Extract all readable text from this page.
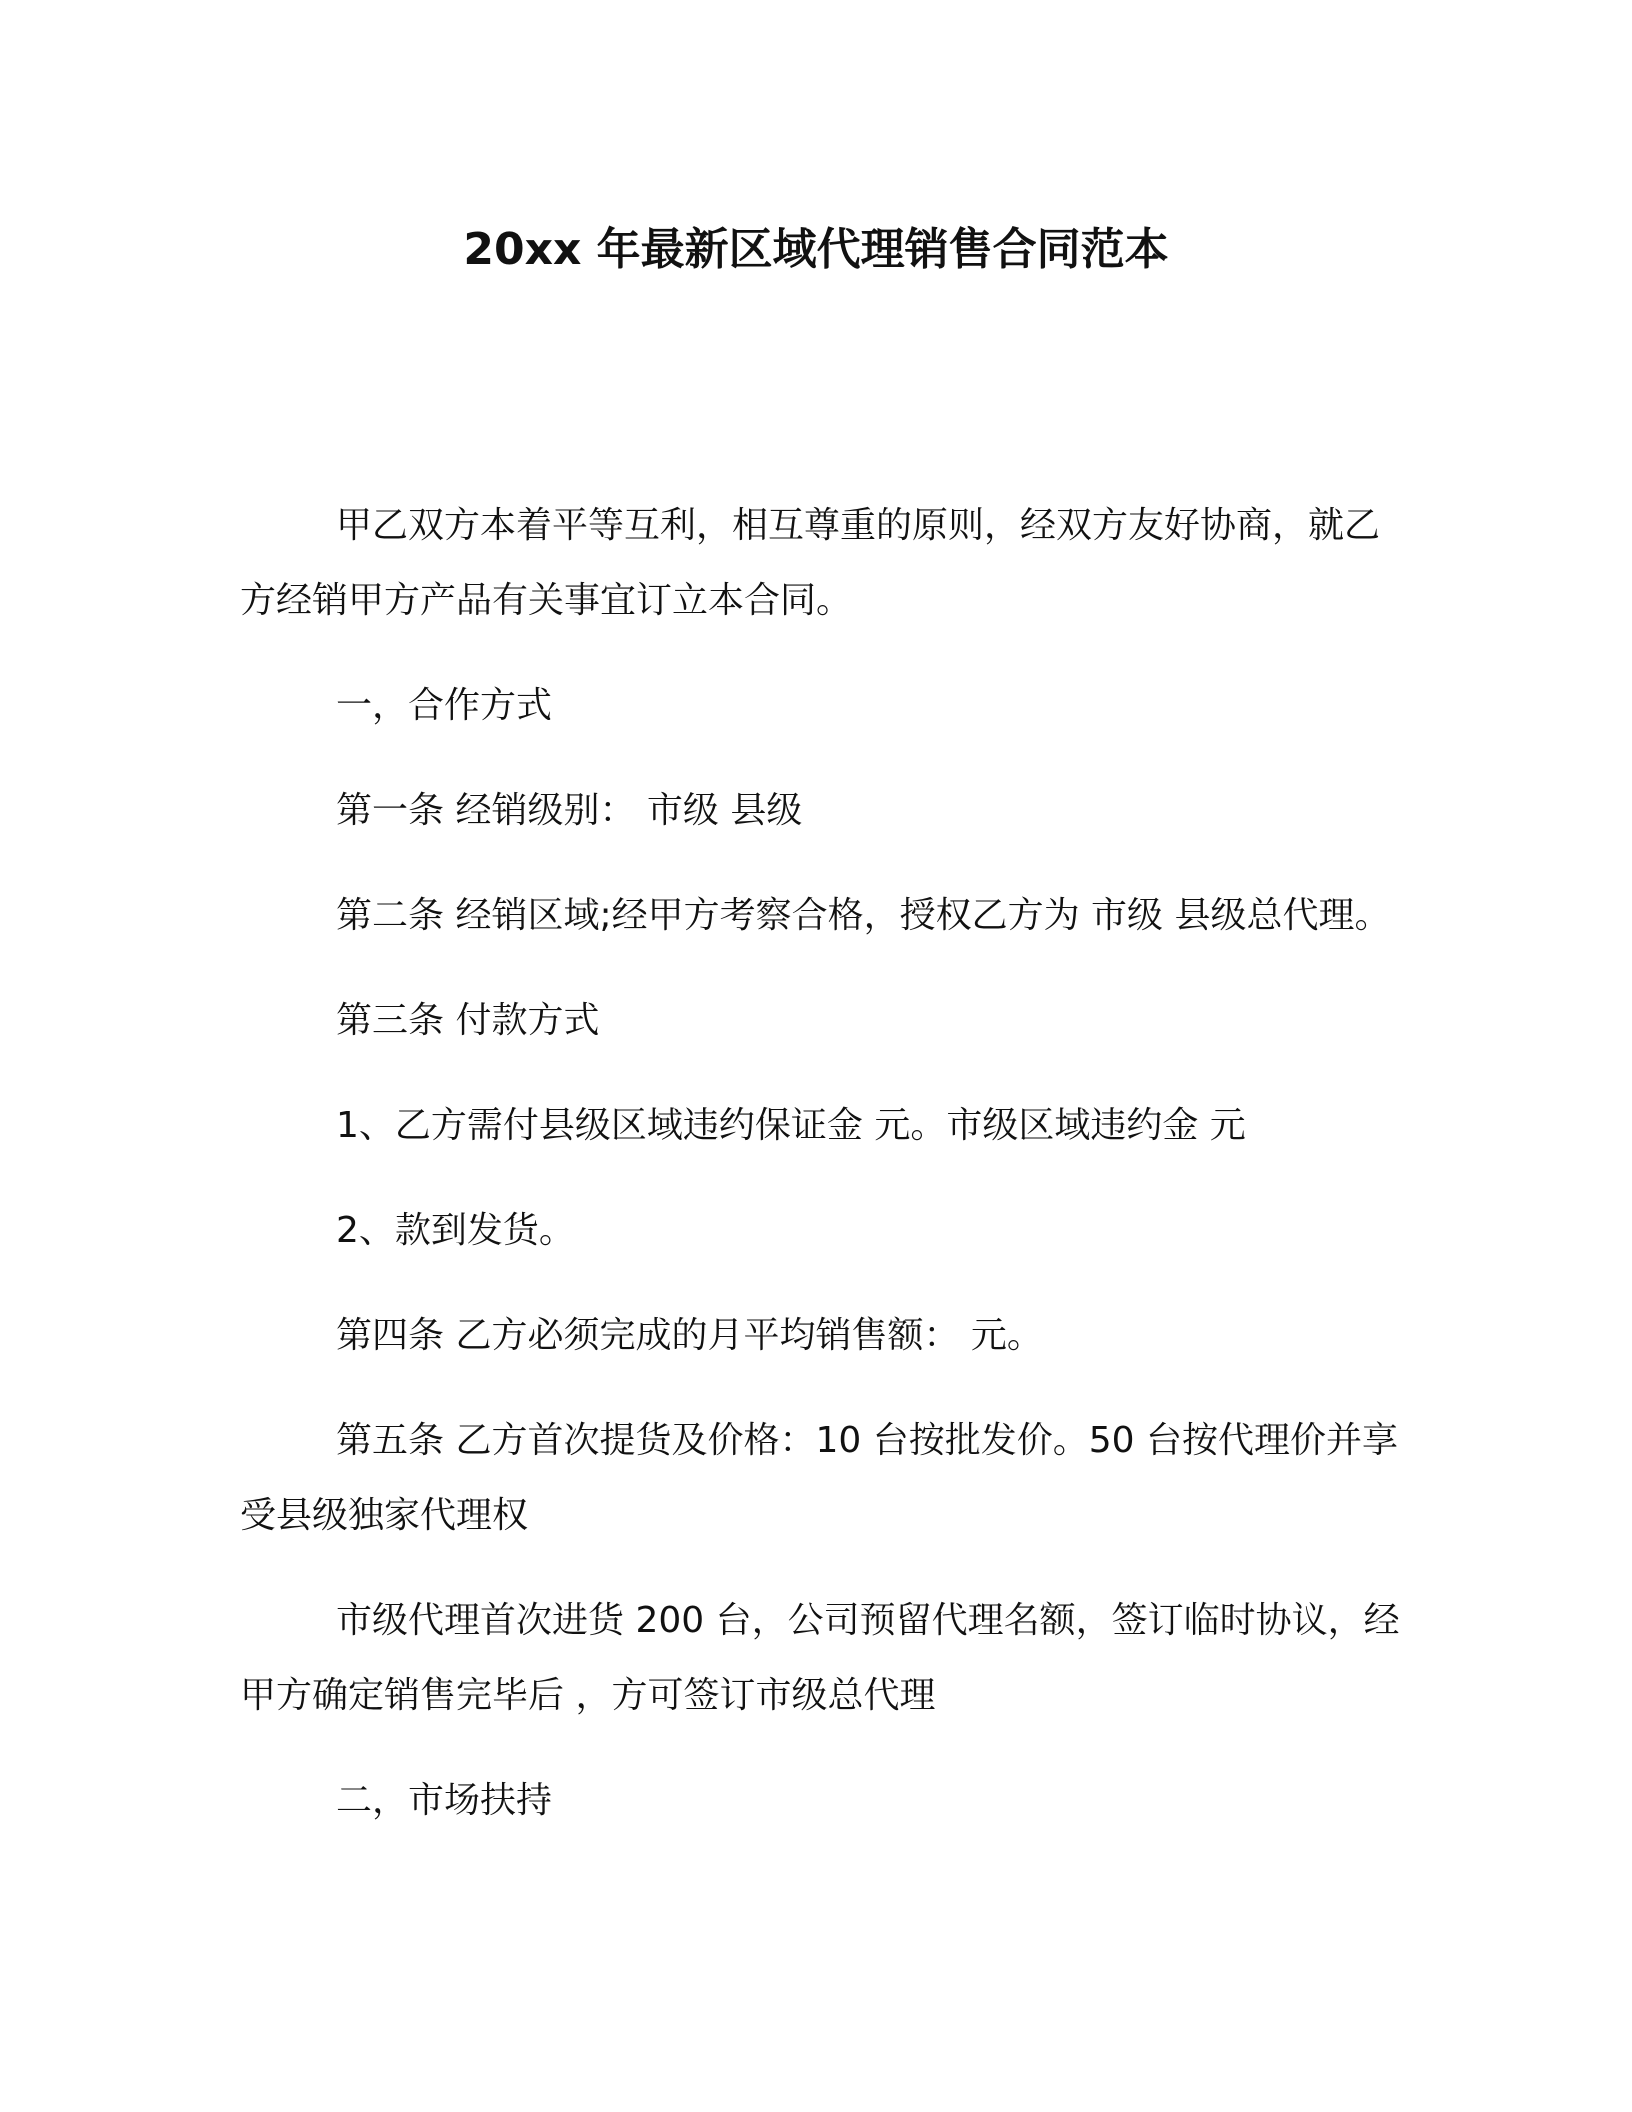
20xx 年最新区域代理销售合同范本

甲乙双方本着平等互利，相互尊重的原则，经双方友好协商，就乙方经销甲方产品有关事宜订立本合同。

一，合作方式

第一条 经销级别： 市级 县级

第二条 经销区域;经甲方考察合格，授权乙方为 市级 县级总代理。

第三条 付款方式

1、乙方需付县级区域违约保证金 元。市级区域违约金 元

2、款到发货。

第四条 乙方必须完成的月平均销售额： 元。

第五条 乙方首次提货及价格：10 台按批发价。50 台按代理价并享受县级独家代理权

市级代理首次进货 200 台，公司预留代理名额，签订临时协议，经甲方确定销售完毕后 ，方可签订市级总代理

二，市场扶持
